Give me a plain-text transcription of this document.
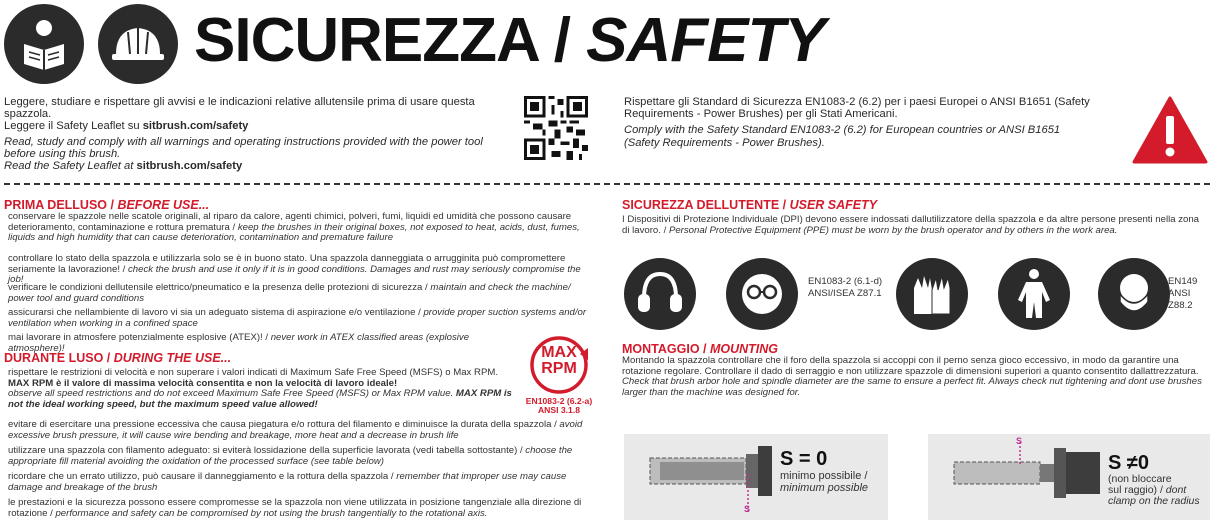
SICUREZZA / SAFETY
Leggere, studiare e rispettare gli avvisi e le indicazioni relative allutensile prima di usare questa spazzola.
Leggere il Safety Leaflet su sitbrush.com/safety
Read, study and comply with all warnings and operating instructions provided with the power tool before using this brush.
Read the Safety Leaflet at sitbrush.com/safety
Rispettare gli Standard di Sicurezza EN1083-2 (6.2) per i paesi Europei o ANSI B1651 (Safety Requirements - Power Brushes) per gli Stati Americani.
Comply with the Safety Standard EN1083-2 (6.2) for European countries or ANSI B1651 (Safety Requirements - Power Brushes).
PRIMA DELLUSO / BEFORE USE...
conservare le spazzole nelle scatole originali, al riparo da calore, agenti chimici, polveri, fumi, liquidi ed umidità che possono causare deterioramento, contaminazione e rottura prematura / keep the brushes in their original boxes, not exposed to heat, acids, dust, fumes, liquids and high humidity that can cause deterioration, contamination and premature failure
controllare lo stato della spazzola e utilizzarla solo se è in buono stato. Una spazzola danneggiata o arrugginita può compromettere seriamente la lavorazione! / check the brush and use it only if it is in good conditions. Damages and rust may seriously compromise the job!
verificare le condizioni dellutensile elettrico/pneumatico e la presenza delle protezioni di sicurezza / maintain and check the machine/ power tool and guard conditions
assicurarsi che nellambiente di lavoro vi sia un adeguato sistema di aspirazione e/o ventilazione / provide proper suction systems and/or ventilation when working in a confined space
mai lavorare in atmosfere potenzialmente esplosive (ATEX)! / never work in ATEX classified areas (explosive atmosphere)!
DURANTE LUSO / DURING THE USE...
rispettare le restrizioni di velocità e non superare i valori indicati di Maximum Safe Free Speed (MSFS) o Max RPM. MAX RPM è il valore di massima velocità consentita e non la velocità di lavoro ideale!
observe all speed restrictions and do not exceed Maximum Safe Free Speed (MSFS) or Max RPM value. MAX RPM is not the ideal working speed, but the maximum speed value allowed!
MAX
RPM
EN1083-2 (6.2-a)
ANSI 3.1.8
evitare di esercitare una pressione eccessiva che causa piegatura e/o rottura del filamento e diminuisce la durata della spazzola / avoid excessive brush pressure, it will cause wire bending and breakage, more heat and a decrease in brush life
utilizzare una spazzola con filamento adeguato: si eviterà lossidazione della superficie lavorata (vedi tabella sottostante) / choose the appropriate fill material avoiding the oxidation of the processed surface (see table below)
ricordare che un errato utilizzo, può causare il danneggiamento e la rottura della spazzola / remember that improper use may cause damage and breakage of the brush
le prestazioni e la sicurezza possono essere compromesse se la spazzola non viene utilizzata in posizione tangenziale alla direzione di rotazione / performance and safety can be compromised by not using the brush tangentially to the rotational axis.
SICUREZZA DELLUTENTE / USER SAFETY
I Dispositivi di Protezione Individuale (DPI) devono essere indossati dallutilizzatore della spazzola e da altre persone presenti nella zona di lavoro. / Personal Protective Equipment (PPE) must be worn by the brush operator and by others in the work area.
EN1083-2 (6.1-d)
ANSI/ISEA Z87.1
EN149
ANSI Z88.2
MONTAGGIO / MOUNTING
Montando la spazzola controllare che il foro della spazzola si accoppi con il perno senza gioco eccessivo, in modo da garantire una rotazione regolare. Controllare il dado di serraggio e non utilizzare spazzole di dimensioni superiori a quanto consentito dallattrezzatura.
Check that brush arbor hole and spindle diameter are the same to ensure a perfect fit. Always check nut tightening and dont use brushes larger than the machine was designed for.
S
S = 0
minimo possibile /
minimum possible
S
S ≠0
(non bloccare
sul raggio) / dont clamp on the radius
